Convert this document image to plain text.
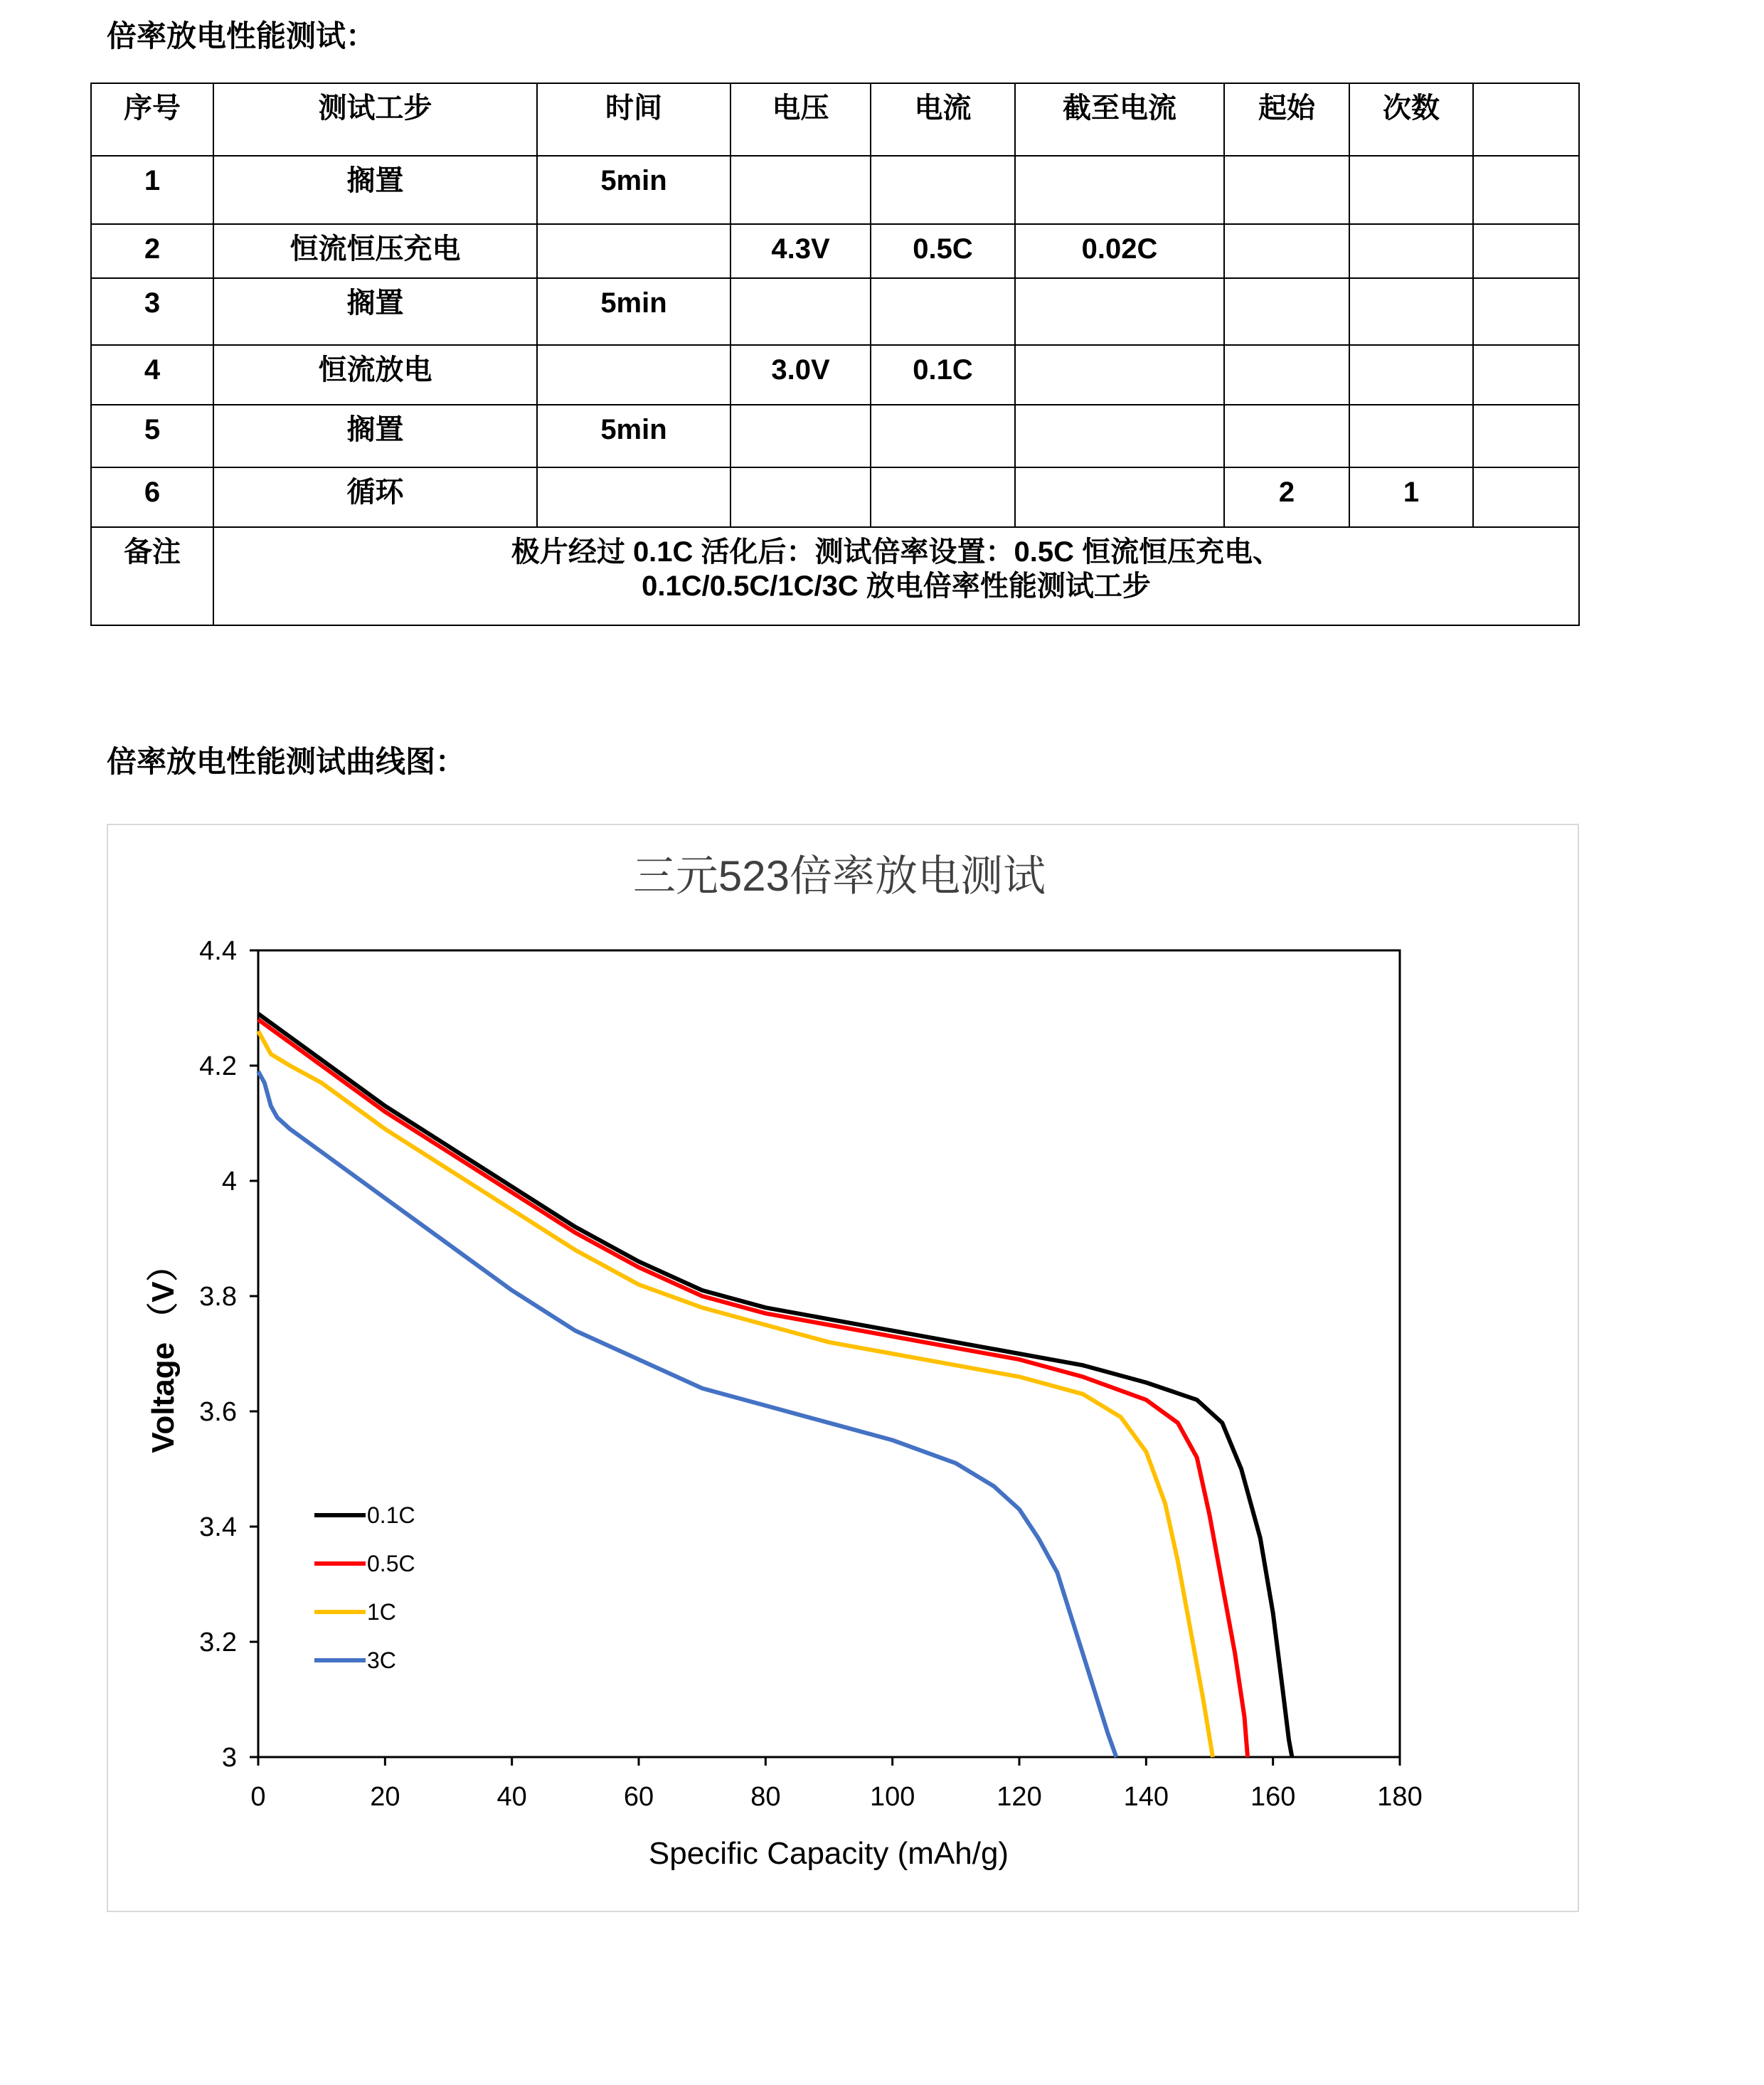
倍率放电性能测试：
序号	测试工步	时间	电压	电流	截至电流	起始	次数	
1	搁置	5min						
2	恒流恒压充电		4.3V	0.5C	0.02C			
3	搁置	5min						
4	恒流放电		3.0V	0.1C				
5	搁置	5min						
6	循环					2	1	
备注	极片经过 0.1C 活化后：测试倍率设置：0.5C 恒流恒压充电、
0.1C/0.5C/1C/3C 放电倍率性能测试工步							
倍率放电性能测试曲线图：
三元523倍率放电测试
3
3.2
3.4
3.6
3.8
4
4.2
4.4
0	20	40	60	80	100	120	140	160	180
0.1C
0.5C
1C
3C
Specific Capacity (mAh/g)
Voltage （V）
